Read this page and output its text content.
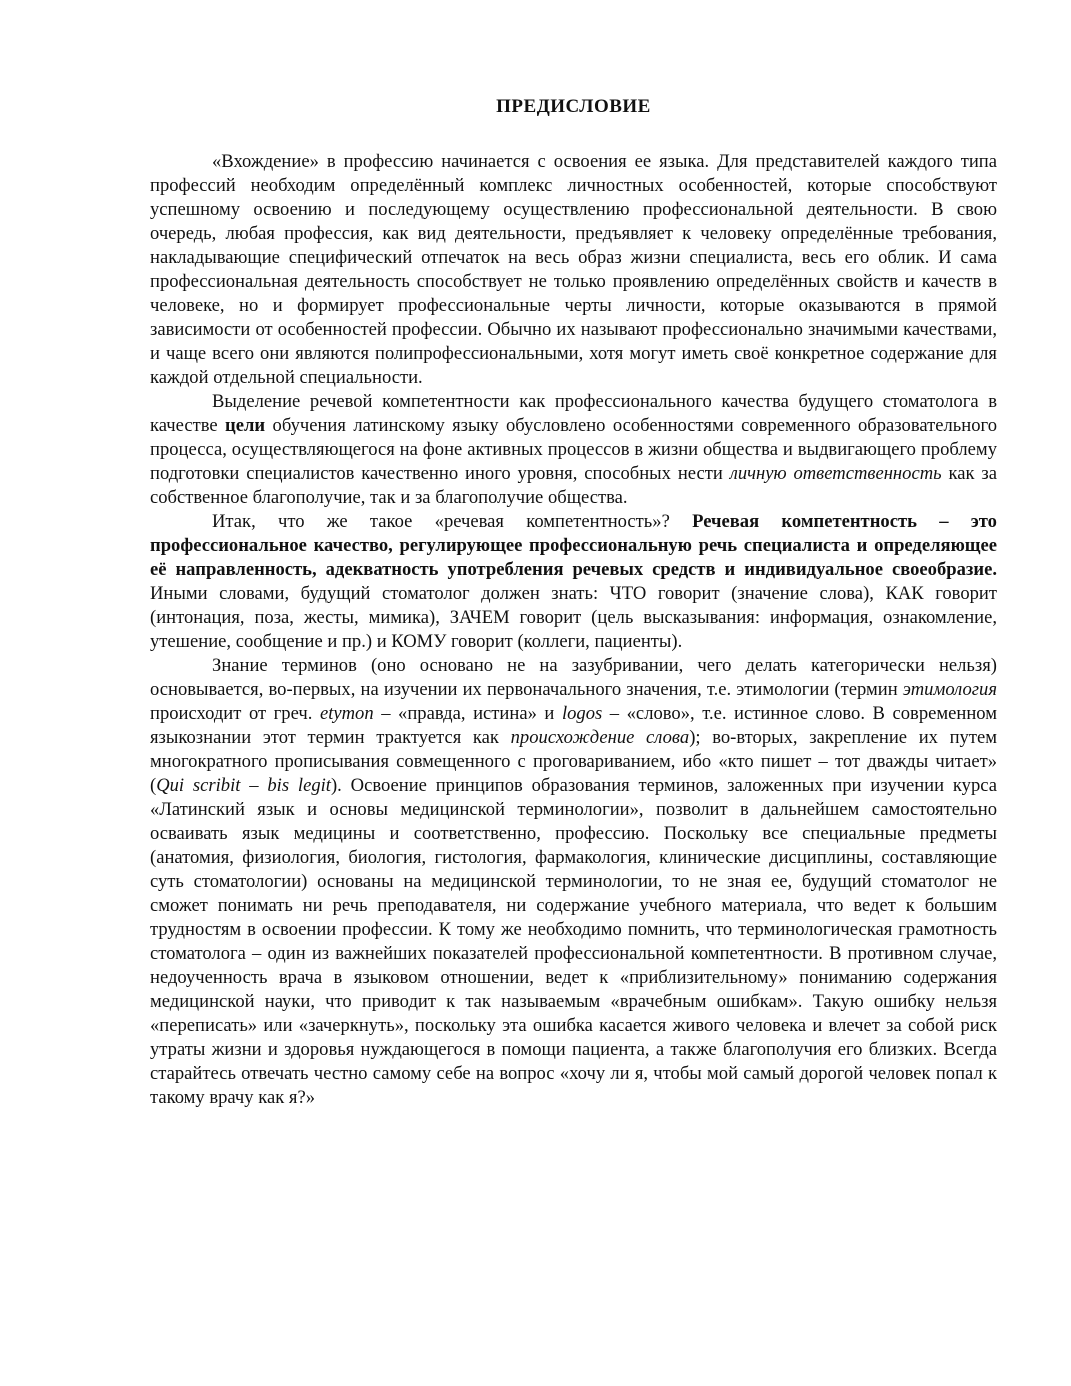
ПРЕДИСЛОВИЕ

«Вхождение» в профессию начинается с освоения ее языка. Для представителей каждого типа профессий необходим определённый комплекс личностных особенностей, которые способствуют успешному освоению и последующему осуществлению профессиональной деятельности. В свою очередь, любая профессия, как вид деятельности, предъявляет к человеку определённые требования, накладывающие специфический отпечаток на весь образ жизни специалиста, весь его облик. И сама профессиональная деятельность способствует не только проявлению определённых свойств и качеств в человеке, но и формирует профессиональные черты личности, которые оказываются в прямой зависимости от особенностей профессии. Обычно их называют профессионально значимыми качествами, и чаще всего они являются полипрофессиональными, хотя могут иметь своё конкретное содержание для каждой отдельной специальности.

Выделение речевой компетентности как профессионального качества будущего стоматолога в качестве цели обучения латинскому языку обусловлено особенностями современного образовательного процесса, осуществляющегося на фоне активных процессов в жизни общества и выдвигающего проблему подготовки специалистов качественно иного уровня, способных нести личную ответственность как за собственное благополучие, так и за благополучие общества.

Итак, что же такое «речевая компетентность»? Речевая компетентность – это профессиональное качество, регулирующее профессиональную речь специалиста и определяющее её направленность, адекватность употребления речевых средств и индивидуальное своеобразие. Иными словами, будущий стоматолог должен знать: ЧТО говорит (значение слова), КАК говорит (интонация, поза, жесты, мимика), ЗАЧЕМ говорит (цель высказывания: информация, ознакомление, утешение, сообщение и пр.) и КОМУ говорит (коллеги, пациенты).

Знание терминов (оно основано не на зазубривании, чего делать категорически нельзя) основывается, во-первых, на изучении их первоначального значения, т.е. этимологии (термин этимология происходит от греч. etymon – «правда, истина» и logos – «слово», т.е. истинное слово. В современном языкознании этот термин трактуется как происхождение слова); во-вторых, закрепление их путем многократного прописывания совмещенного с проговариванием, ибо «кто пишет – тот дважды читает» (Qui scribit – bis legit). Освоение принципов образования терминов, заложенных при изучении курса «Латинский язык и основы медицинской терминологии», позволит в дальнейшем самостоятельно осваивать язык медицины и соответственно, профессию. Поскольку все специальные предметы (анатомия, физиология, биология, гистология, фармакология, клинические дисциплины, составляющие суть стоматологии) основаны на медицинской терминологии, то не зная ее, будущий стоматолог не сможет понимать ни речь преподавателя, ни содержание учебного материала, что ведет к большим трудностям в освоении профессии. К тому же необходимо помнить, что терминологическая грамотность стоматолога – один из важнейших показателей профессиональной компетентности. В противном случае, недоученность врача в языковом отношении, ведет к «приблизительному» пониманию содержания медицинской науки, что приводит к так называемым «врачебным ошибкам». Такую ошибку нельзя «переписать» или «зачеркнуть», поскольку эта ошибка касается живого человека и влечет за собой риск утраты жизни и здоровья нуждающегося в помощи пациента, а также благополучия его близких. Всегда старайтесь отвечать честно самому себе на вопрос «хочу ли я, чтобы мой самый дорогой человек попал к такому врачу как я?»
